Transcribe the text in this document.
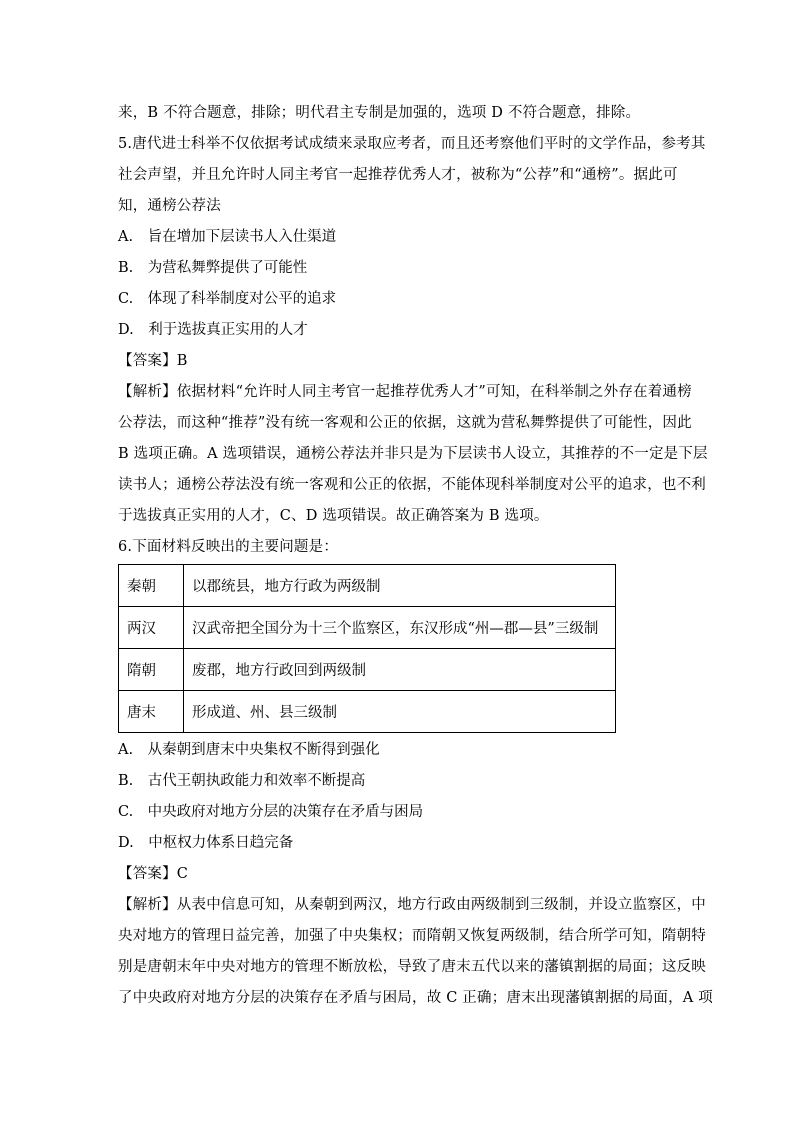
来，B 不符合题意，排除；明代君主专制是加强的，选项 D 不符合题意，排除。
5.唐代进士科举不仅依据考试成绩来录取应考者，而且还考察他们平时的文学作品，参考其
社会声望，并且允许时人同主考官一起推荐优秀人才，被称为“公荐”和“通榜”。据此可
知，通榜公荐法
A.　旨在增加下层读书人入仕渠道
B.　为营私舞弊提供了可能性
C.　体现了科举制度对公平的追求
D.　利于选拔真正实用的人才
【答案】B
【解析】依据材料“允许时人同主考官一起推荐优秀人才”可知，在科举制之外存在着通榜
公荐法，而这种“推荐”没有统一客观和公正的依据，这就为营私舞弊提供了可能性，因此
B 选项正确。A 选项错误，通榜公荐法并非只是为下层读书人设立，其推荐的不一定是下层
读书人；通榜公荐法没有统一客观和公正的依据，不能体现科举制度对公平的追求，也不利
于选拔真正实用的人才，C、D 选项错误。故正确答案为 B 选项。
6.下面材料反映出的主要问题是：
秦朝	以郡统县，地方行政为两级制
两汉	汉武帝把全国分为十三个监察区，东汉形成“州—郡—县”三级制
隋朝	废郡，地方行政回到两级制
唐末	形成道、州、县三级制
A.　从秦朝到唐末中央集权不断得到强化
B.　古代王朝执政能力和效率不断提高
C.　中央政府对地方分层的决策存在矛盾与困局
D.　中枢权力体系日趋完备
【答案】C
【解析】从表中信息可知，从秦朝到两汉，地方行政由两级制到三级制，并设立监察区，中
央对地方的管理日益完善，加强了中央集权；而隋朝又恢复两级制，结合所学可知，隋朝特
别是唐朝末年中央对地方的管理不断放松，导致了唐末五代以来的藩镇割据的局面；这反映
了中央政府对地方分层的决策存在矛盾与困局，故 C 正确；唐末出现藩镇割据的局面，A 项
